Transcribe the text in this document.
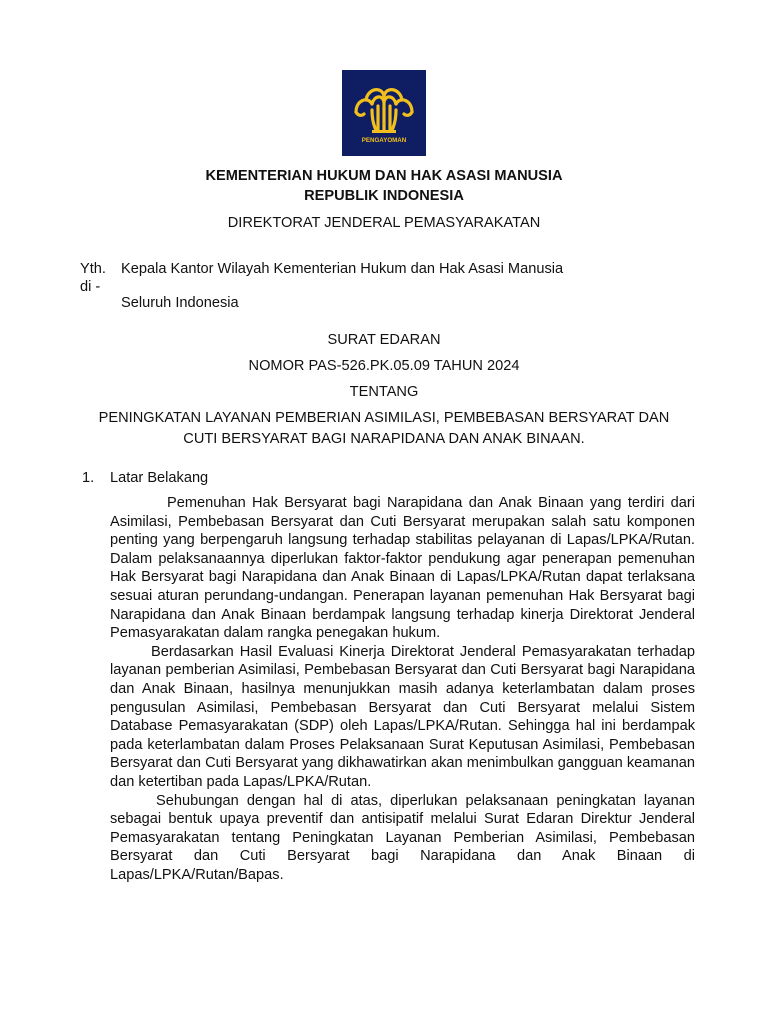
PENGAYOMAN
KEMENTERIAN HUKUM DAN HAK ASASI MANUSIA
REPUBLIK INDONESIA
DIREKTORAT JENDERAL PEMASYARAKATAN
Yth. Kepala Kantor Wilayah Kementerian Hukum dan Hak Asasi Manusia
di -
Seluruh Indonesia
SURAT EDARAN
NOMOR PAS-526.PK.05.09 TAHUN 2024
TENTANG
PENINGKATAN LAYANAN PEMBERIAN ASIMILASI, PEMBEBASAN BERSYARAT DAN
CUTI BERSYARAT BAGI NARAPIDANA DAN ANAK BINAAN.
1. Latar Belakang

Pemenuhan Hak Bersyarat bagi Narapidana dan Anak Binaan yang terdiri dari Asimilasi, Pembebasan Bersyarat dan Cuti Bersyarat merupakan salah satu komponen penting yang berpengaruh langsung terhadap stabilitas pelayanan di Lapas/LPKA/Rutan. Dalam pelaksanaannya diperlukan faktor-faktor pendukung agar penerapan pemenuhan Hak Bersyarat bagi Narapidana dan Anak Binaan di Lapas/LPKA/Rutan dapat terlaksana sesuai aturan perundang-undangan. Penerapan layanan pemenuhan Hak Bersyarat bagi Narapidana dan Anak Binaan berdampak langsung terhadap kinerja Direktorat Jenderal Pemasyarakatan dalam rangka penegakan hukum.

Berdasarkan Hasil Evaluasi Kinerja Direktorat Jenderal Pemasyarakatan terhadap layanan pemberian Asimilasi, Pembebasan Bersyarat dan Cuti Bersyarat bagi Narapidana dan Anak Binaan, hasilnya menunjukkan masih adanya keterlambatan dalam proses pengusulan Asimilasi, Pembebasan Bersyarat dan Cuti Bersyarat melalui Sistem Database Pemasyarakatan (SDP) oleh Lapas/LPKA/Rutan. Sehingga hal ini berdampak pada keterlambatan dalam Proses Pelaksanaan Surat Keputusan Asimilasi, Pembebasan Bersyarat dan Cuti Bersyarat yang dikhawatirkan akan menimbulkan gangguan keamanan dan ketertiban pada Lapas/LPKA/Rutan.

Sehubungan dengan hal di atas, diperlukan pelaksanaan peningkatan layanan sebagai bentuk upaya preventif dan antisipatif melalui Surat Edaran Direktur Jenderal Pemasyarakatan tentang Peningkatan Layanan Pemberian Asimilasi, Pembebasan Bersyarat dan Cuti Bersyarat bagi Narapidana dan Anak Binaan di Lapas/LPKA/Rutan/Bapas.
